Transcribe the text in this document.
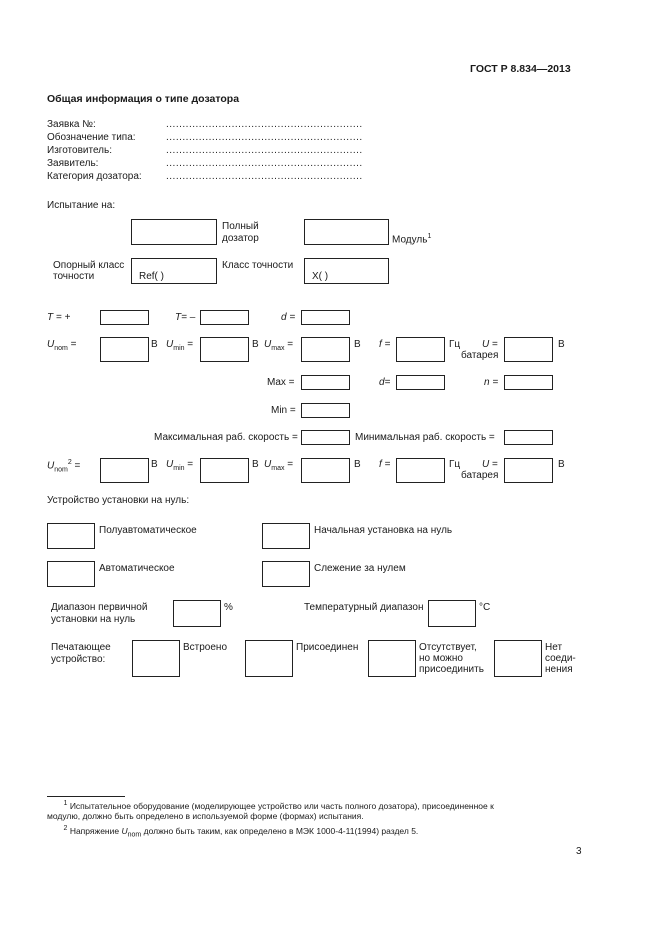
ГОСТ Р 8.834—2013
Общая информация о типе дозатора
Заявка №:	............................................................
Обозначение типа:	............................................................
Изготовитель:	............................................................
Заявитель:	............................................................
Категория дозатора: ............................................................
Испытание на:
Полный
дозатор	Модуль$^1$
Опорный класс
точности	Ref( )
Класс точности
X( )
T = +	T= –	d =
$U_{nom}$ =	В $U_{min}$ =	В $U_{max}$ =	В f =	Гц U =
батарея
В
Max =	d=	n =
Min =
Максимальная раб. скорость =	Минимальная раб. скорость =
$U_{nom}^2$ =	В $U_{min}$ =	В $U_{max}$ =	В f =	Гц U =
батарея
В
Устройство установки на нуль:
Полуавтоматическое	Начальная установка на нуль
Автоматическое	Слежение за нулем
Диапазон первичной
установки на нуль
%	Температурный диапазон	°C
Печатающее
устройство:
Встроено	Присоединен	Отсутствует,
но можно
присоединить
Нет
соеди-
нения
$^1$ Испытательное оборудование (моделирующее устройство или часть полного дозатора), присоединенное к
модулю, должно быть определено в используемой форме (формах) испытания.
$^2$ Напряжение $U_{nom}$ должно быть таким, как определено в МЭК 1000-4-11(1994) раздел 5.
3
